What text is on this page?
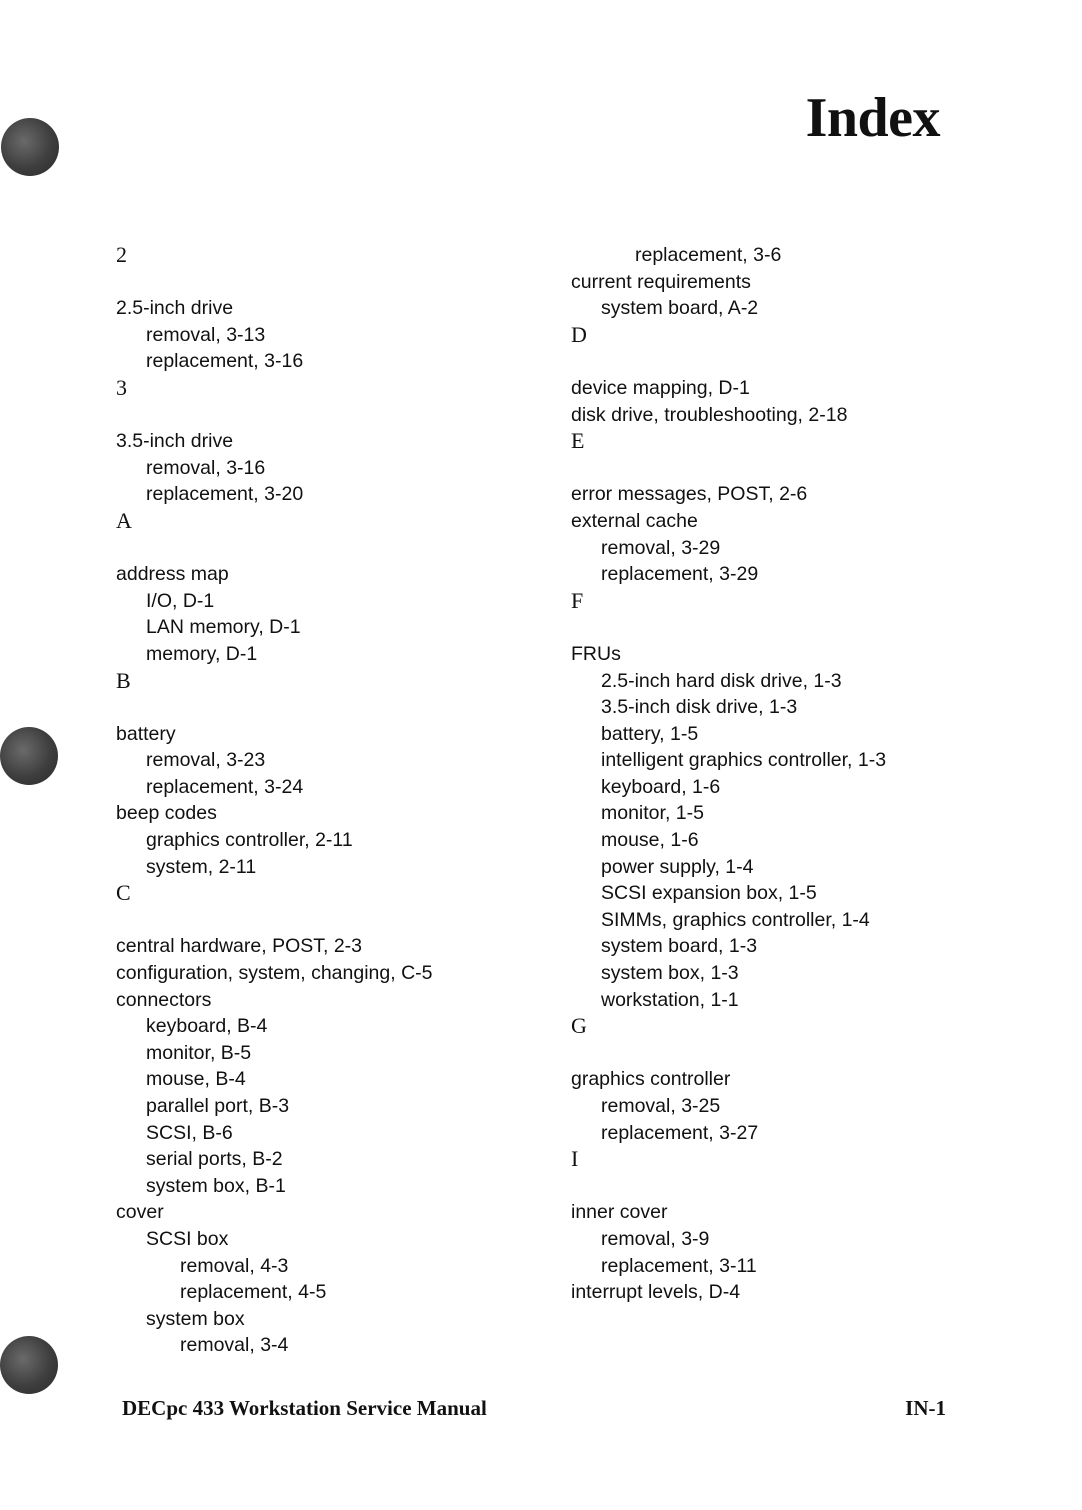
Index
2
2.5-inch drive
removal, 3-13
replacement, 3-16
3
3.5-inch drive
removal, 3-16
replacement, 3-20
A
address map
I/O, D-1
LAN memory, D-1
memory, D-1
B
battery
removal, 3-23
replacement, 3-24
beep codes
graphics controller, 2-11
system, 2-11
C
central hardware, POST, 2-3
configuration, system, changing, C-5
connectors
keyboard, B-4
monitor, B-5
mouse, B-4
parallel port, B-3
SCSI, B-6
serial ports, B-2
system box, B-1
cover
SCSI box
removal, 4-3
replacement, 4-5
system box
removal, 3-4
replacement, 3-6
current requirements
system board, A-2
D
device mapping, D-1
disk drive, troubleshooting, 2-18
E
error messages, POST, 2-6
external cache
removal, 3-29
replacement, 3-29
F
FRUs
2.5-inch hard disk drive, 1-3
3.5-inch disk drive, 1-3
battery, 1-5
intelligent graphics controller, 1-3
keyboard, 1-6
monitor, 1-5
mouse, 1-6
power supply, 1-4
SCSI expansion box, 1-5
SIMMs, graphics controller, 1-4
system board, 1-3
system box, 1-3
workstation, 1-1
G
graphics controller
removal, 3-25
replacement, 3-27
I
inner cover
removal, 3-9
replacement, 3-11
interrupt levels, D-4
DECpc 433 Workstation Service Manual	IN-1
